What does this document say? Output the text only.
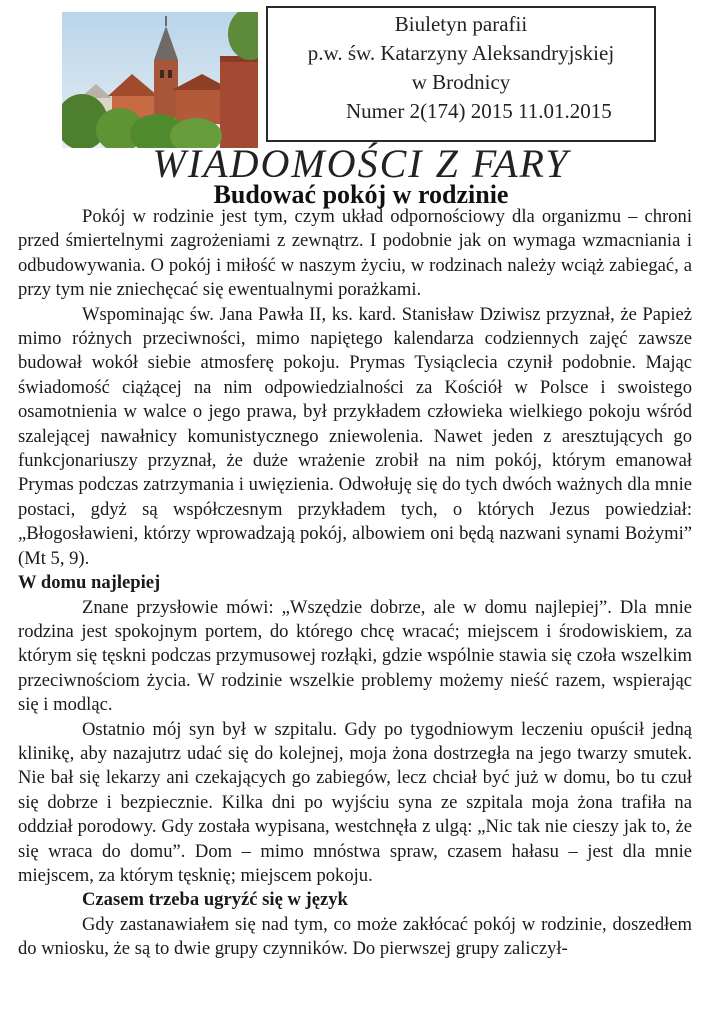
Biuletyn parafii
p.w. św. Katarzyny Aleksandryjskiej
w Brodnicy
Numer 2(174) 2015 11.01.2015
WIADOMOŚCI Z FARY
Budować pokój w rodzinie

Pokój w rodzinie jest tym, czym układ odpornościowy dla organizmu – chroni przed śmiertelnymi zagrożeniami z zewnątrz. I podobnie jak on wymaga wzmacniania i odbudowywania. O pokój i miłość w naszym życiu, w rodzinach należy wciąż zabiegać, a przy tym nie zniechęcać się ewentualnymi porażkami.

Wspominając św. Jana Pawła II, ks. kard. Stanisław Dziwisz przyznał, że Papież mimo różnych przeciwności, mimo napiętego kalendarza codziennych zajęć zawsze budował wokół siebie atmosferę pokoju. Prymas Tysiąclecia czynił podobnie. Mając świadomość ciążącej na nim odpowiedzialności za Kościół w Polsce i swoistego osamotnienia w walce o jego prawa, był przykładem człowieka wielkiego pokoju wśród szalejącej nawałnicy komunistycznego zniewolenia. Nawet jeden z aresztujących go funkcjonariuszy przyznał, że duże wrażenie zrobił na nim pokój, którym emanował Prymas podczas zatrzymania i uwięzienia. Odwołuję się do tych dwóch ważnych dla mnie postaci, gdyż są współczesnym przykładem tych, o których Jezus powiedział: „Błogosławieni, którzy wprowadzają pokój, albowiem oni będą nazwani synami Bożymi” (Mt 5, 9).

W domu najlepiej

Znane przysłowie mówi: „Wszędzie dobrze, ale w domu najlepiej”. Dla mnie rodzina jest spokojnym portem, do którego chcę wracać; miejscem i środowiskiem, za którym się tęskni podczas przymusowej rozłąki, gdzie wspólnie stawia się czoła wszelkim przeciwnościom życia. W rodzinie wszelkie problemy możemy nieść razem, wspierając się i modląc.

Ostatnio mój syn był w szpitalu. Gdy po tygodniowym leczeniu opuścił jedną klinikę, aby nazajutrz udać się do kolejnej, moja żona dostrzegła na jego twarzy smutek. Nie bał się lekarzy ani czekających go zabiegów, lecz chciał być już w domu, bo tu czuł się dobrze i bezpiecznie. Kilka dni po wyjściu syna ze szpitala moja żona trafiła na oddział porodowy. Gdy została wypisana, westchnęła z ulgą: „Nic tak nie cieszy jak to, że się wraca do domu”. Dom – mimo mnóstwa spraw, czasem hałasu – jest dla mnie miejscem, za którym tęsknię; miejscem pokoju.

Czasem trzeba ugryźć się w język

Gdy zastanawiałem się nad tym, co może zakłócać pokój w rodzinie, doszedłem do wniosku, że są to dwie grupy czynników. Do pierwszej grupy zaliczył-
